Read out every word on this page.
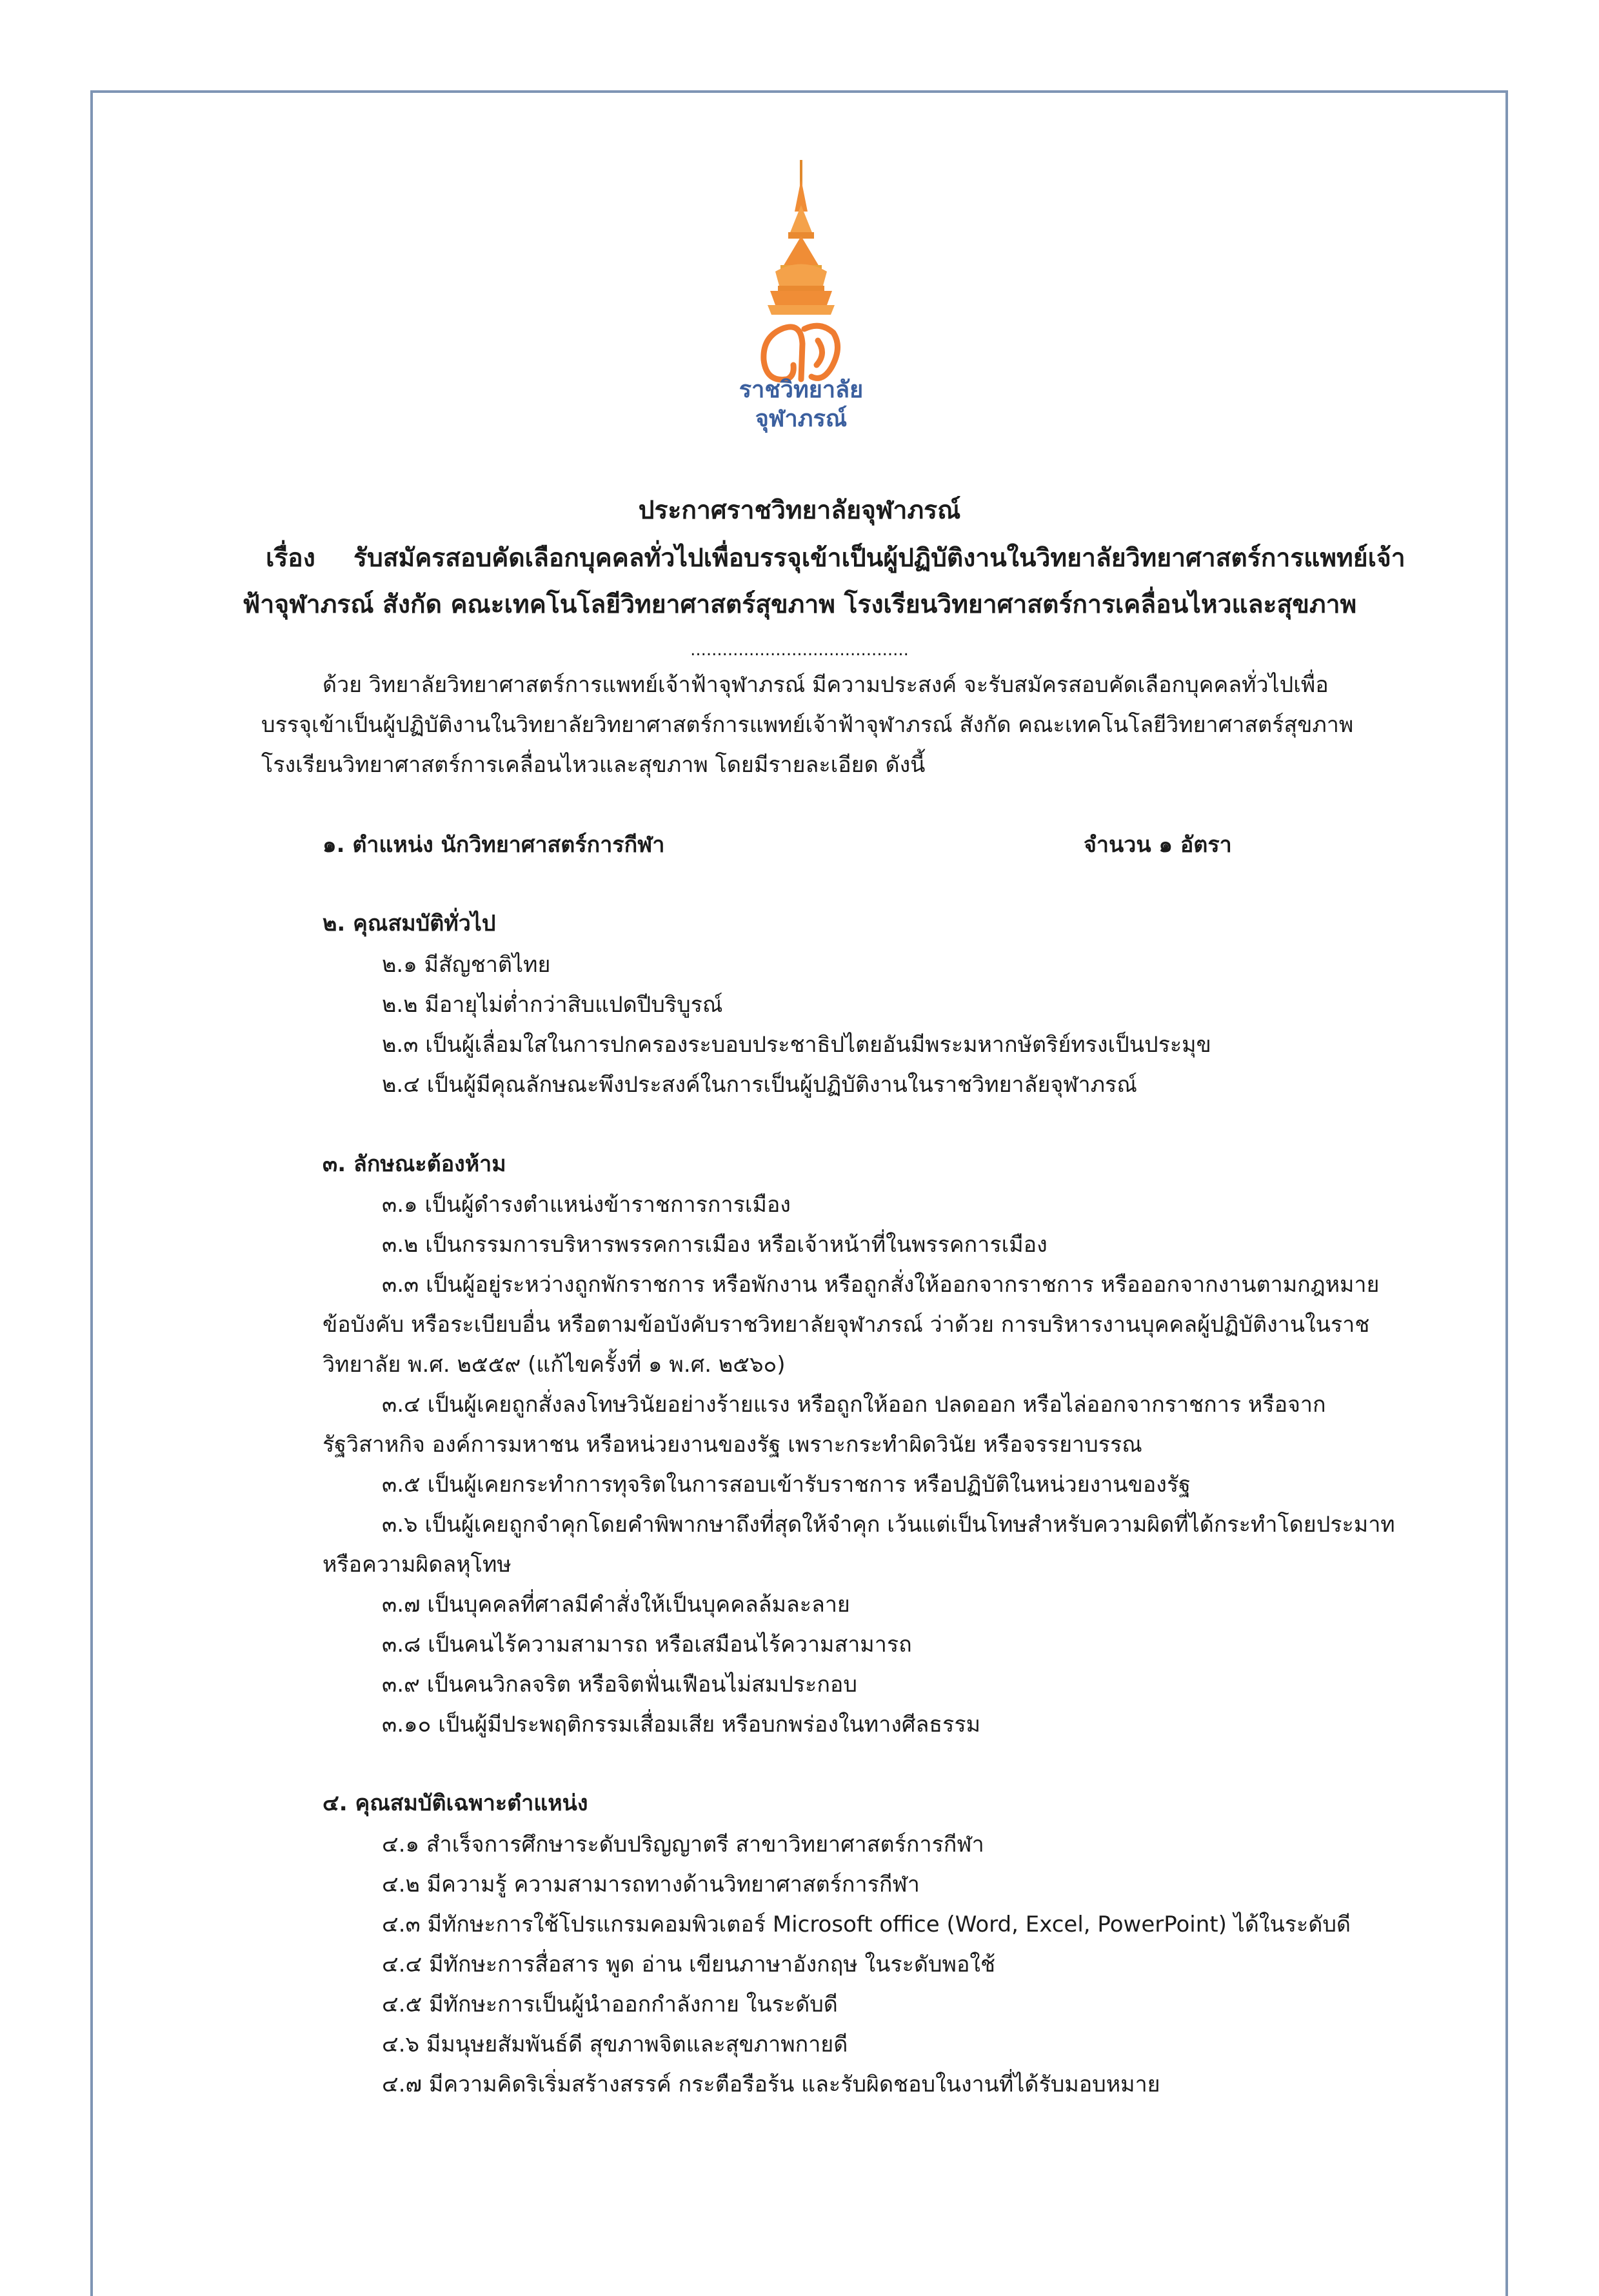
ราชวิทยาลัย
จุฬาภรณ์
ประกาศราชวิทยาลัยจุฬาภรณ์
เรื่อง รับสมัครสอบคัดเลือกบุคคลทั่วไปเพื่อบรรจุเข้าเป็นผู้ปฏิบัติงานในวิทยาลัยวิทยาศาสตร์การแพทย์เจ้า
ฟ้าจุฬาภรณ์ สังกัด คณะเทคโนโลยีวิทยาศาสตร์สุขภาพ โรงเรียนวิทยาศาสตร์การเคลื่อนไหวและสุขภาพ
.........................................
ด้วย วิทยาลัยวิทยาศาสตร์การแพทย์เจ้าฟ้าจุฬาภรณ์ มีความประสงค์ จะรับสมัครสอบคัดเลือกบุคคลทั่วไปเพื่อ
บรรจุเข้าเป็นผู้ปฏิบัติงานในวิทยาลัยวิทยาศาสตร์การแพทย์เจ้าฟ้าจุฬาภรณ์ สังกัด คณะเทคโนโลยีวิทยาศาสตร์สุขภาพ
โรงเรียนวิทยาศาสตร์การเคลื่อนไหวและสุขภาพ โดยมีรายละเอียด ดังนี้
๑. ตำแหน่ง นักวิทยาศาสตร์การกีฬา	จำนวน ๑ อัตรา
๒. คุณสมบัติทั่วไป
๒.๑ มีสัญชาติไทย
๒.๒ มีอายุไม่ต่ำกว่าสิบแปดปีบริบูรณ์
๒.๓ เป็นผู้เลื่อมใสในการปกครองระบอบประชาธิปไตยอันมีพระมหากษัตริย์ทรงเป็นประมุข
๒.๔ เป็นผู้มีคุณลักษณะพึงประสงค์ในการเป็นผู้ปฏิบัติงานในราชวิทยาลัยจุฬาภรณ์
๓. ลักษณะต้องห้าม
๓.๑ เป็นผู้ดำรงตำแหน่งข้าราชการการเมือง
๓.๒ เป็นกรรมการบริหารพรรคการเมือง หรือเจ้าหน้าที่ในพรรคการเมือง
๓.๓ เป็นผู้อยู่ระหว่างถูกพักราชการ หรือพักงาน หรือถูกสั่งให้ออกจากราชการ หรือออกจากงานตามกฎหมาย
ข้อบังคับ หรือระเบียบอื่น หรือตามข้อบังคับราชวิทยาลัยจุฬาภรณ์ ว่าด้วย การบริหารงานบุคคลผู้ปฏิบัติงานในราช
วิทยาลัย พ.ศ. ๒๕๕๙ (แก้ไขครั้งที่ ๑ พ.ศ. ๒๕๖๐)
๓.๔ เป็นผู้เคยถูกสั่งลงโทษวินัยอย่างร้ายแรง หรือถูกให้ออก ปลดออก หรือไล่ออกจากราชการ หรือจาก
รัฐวิสาหกิจ องค์การมหาชน หรือหน่วยงานของรัฐ เพราะกระทำผิดวินัย หรือจรรยาบรรณ
๓.๕ เป็นผู้เคยกระทำการทุจริตในการสอบเข้ารับราชการ หรือปฏิบัติในหน่วยงานของรัฐ
๓.๖ เป็นผู้เคยถูกจำคุกโดยคำพิพากษาถึงที่สุดให้จำคุก เว้นแต่เป็นโทษสำหรับความผิดที่ได้กระทำโดยประมาท
หรือความผิดลหุโทษ
๓.๗ เป็นบุคคลที่ศาลมีคำสั่งให้เป็นบุคคลล้มละลาย
๓.๘ เป็นคนไร้ความสามารถ หรือเสมือนไร้ความสามารถ
๓.๙ เป็นคนวิกลจริต หรือจิตฟั่นเฟือนไม่สมประกอบ
๓.๑๐ เป็นผู้มีประพฤติกรรมเสื่อมเสีย หรือบกพร่องในทางศีลธรรม
๔. คุณสมบัติเฉพาะตำแหน่ง
๔.๑ สำเร็จการศึกษาระดับปริญญาตรี สาขาวิทยาศาสตร์การกีฬา
๔.๒ มีความรู้ ความสามารถทางด้านวิทยาศาสตร์การกีฬา
๔.๓ มีทักษะการใช้โปรแกรมคอมพิวเตอร์ Microsoft office (Word, Excel, PowerPoint) ได้ในระดับดี
๔.๔ มีทักษะการสื่อสาร พูด อ่าน เขียนภาษาอังกฤษ ในระดับพอใช้
๔.๕ มีทักษะการเป็นผู้นำออกกำลังกาย ในระดับดี
๔.๖ มีมนุษยสัมพันธ์ดี สุขภาพจิตและสุขภาพกายดี
๔.๗ มีความคิดริเริ่มสร้างสรรค์ กระตือรือร้น และรับผิดชอบในงานที่ได้รับมอบหมาย
